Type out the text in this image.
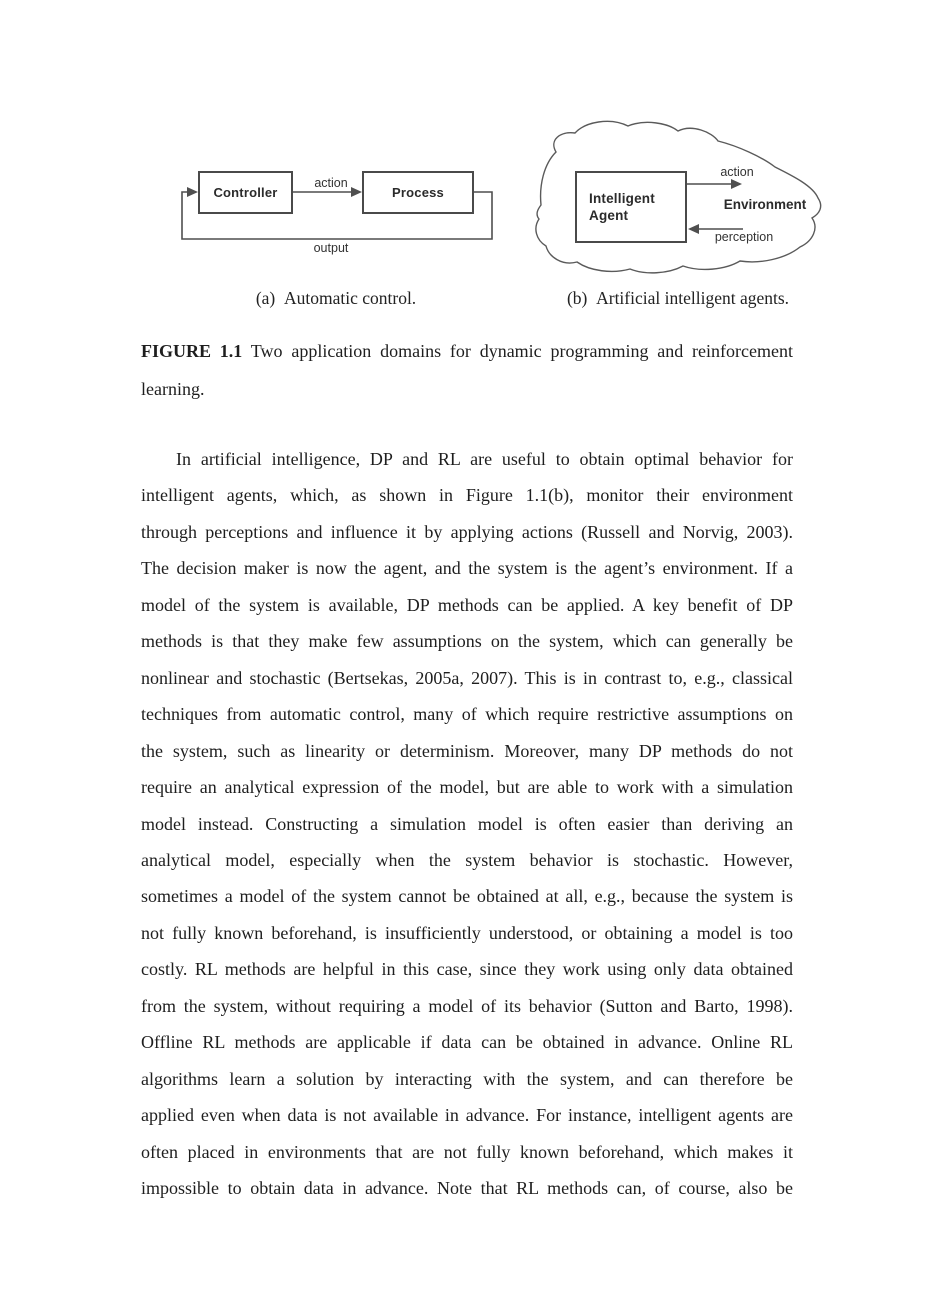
Controller	Process
action
output
Intelligent
Agent
action
Environment
perception
(a) Automatic control.	(b) Artificial intelligent agents.
FIGURE 1.1 Two application domains for dynamic programming and reinforcement
learning.
In artificial intelligence, DP and RL are useful to obtain optimal behavior for
intelligent agents, which, as shown in Figure 1.1(b), monitor their environment
through perceptions and influence it by applying actions (Russell and Norvig, 2003).
The decision maker is now the agent, and the system is the agent’s environment. If a
model of the system is available, DP methods can be applied. A key benefit of DP
methods is that they make few assumptions on the system, which can generally be
nonlinear and stochastic (Bertsekas, 2005a, 2007). This is in contrast to, e.g., classical
techniques from automatic control, many of which require restrictive assumptions on
the system, such as linearity or determinism. Moreover, many DP methods do not
require an analytical expression of the model, but are able to work with a simulation
model instead. Constructing a simulation model is often easier than deriving an
analytical model, especially when the system behavior is stochastic. However,
sometimes a model of the system cannot be obtained at all, e.g., because the system is
not fully known beforehand, is insufficiently understood, or obtaining a model is too
costly. RL methods are helpful in this case, since they work using only data obtained
from the system, without requiring a model of its behavior (Sutton and Barto, 1998).
Offline RL methods are applicable if data can be obtained in advance. Online RL
algorithms learn a solution by interacting with the system, and can therefore be
applied even when data is not available in advance. For instance, intelligent agents are
often placed in environments that are not fully known beforehand, which makes it
impossible to obtain data in advance. Note that RL methods can, of course, also be
